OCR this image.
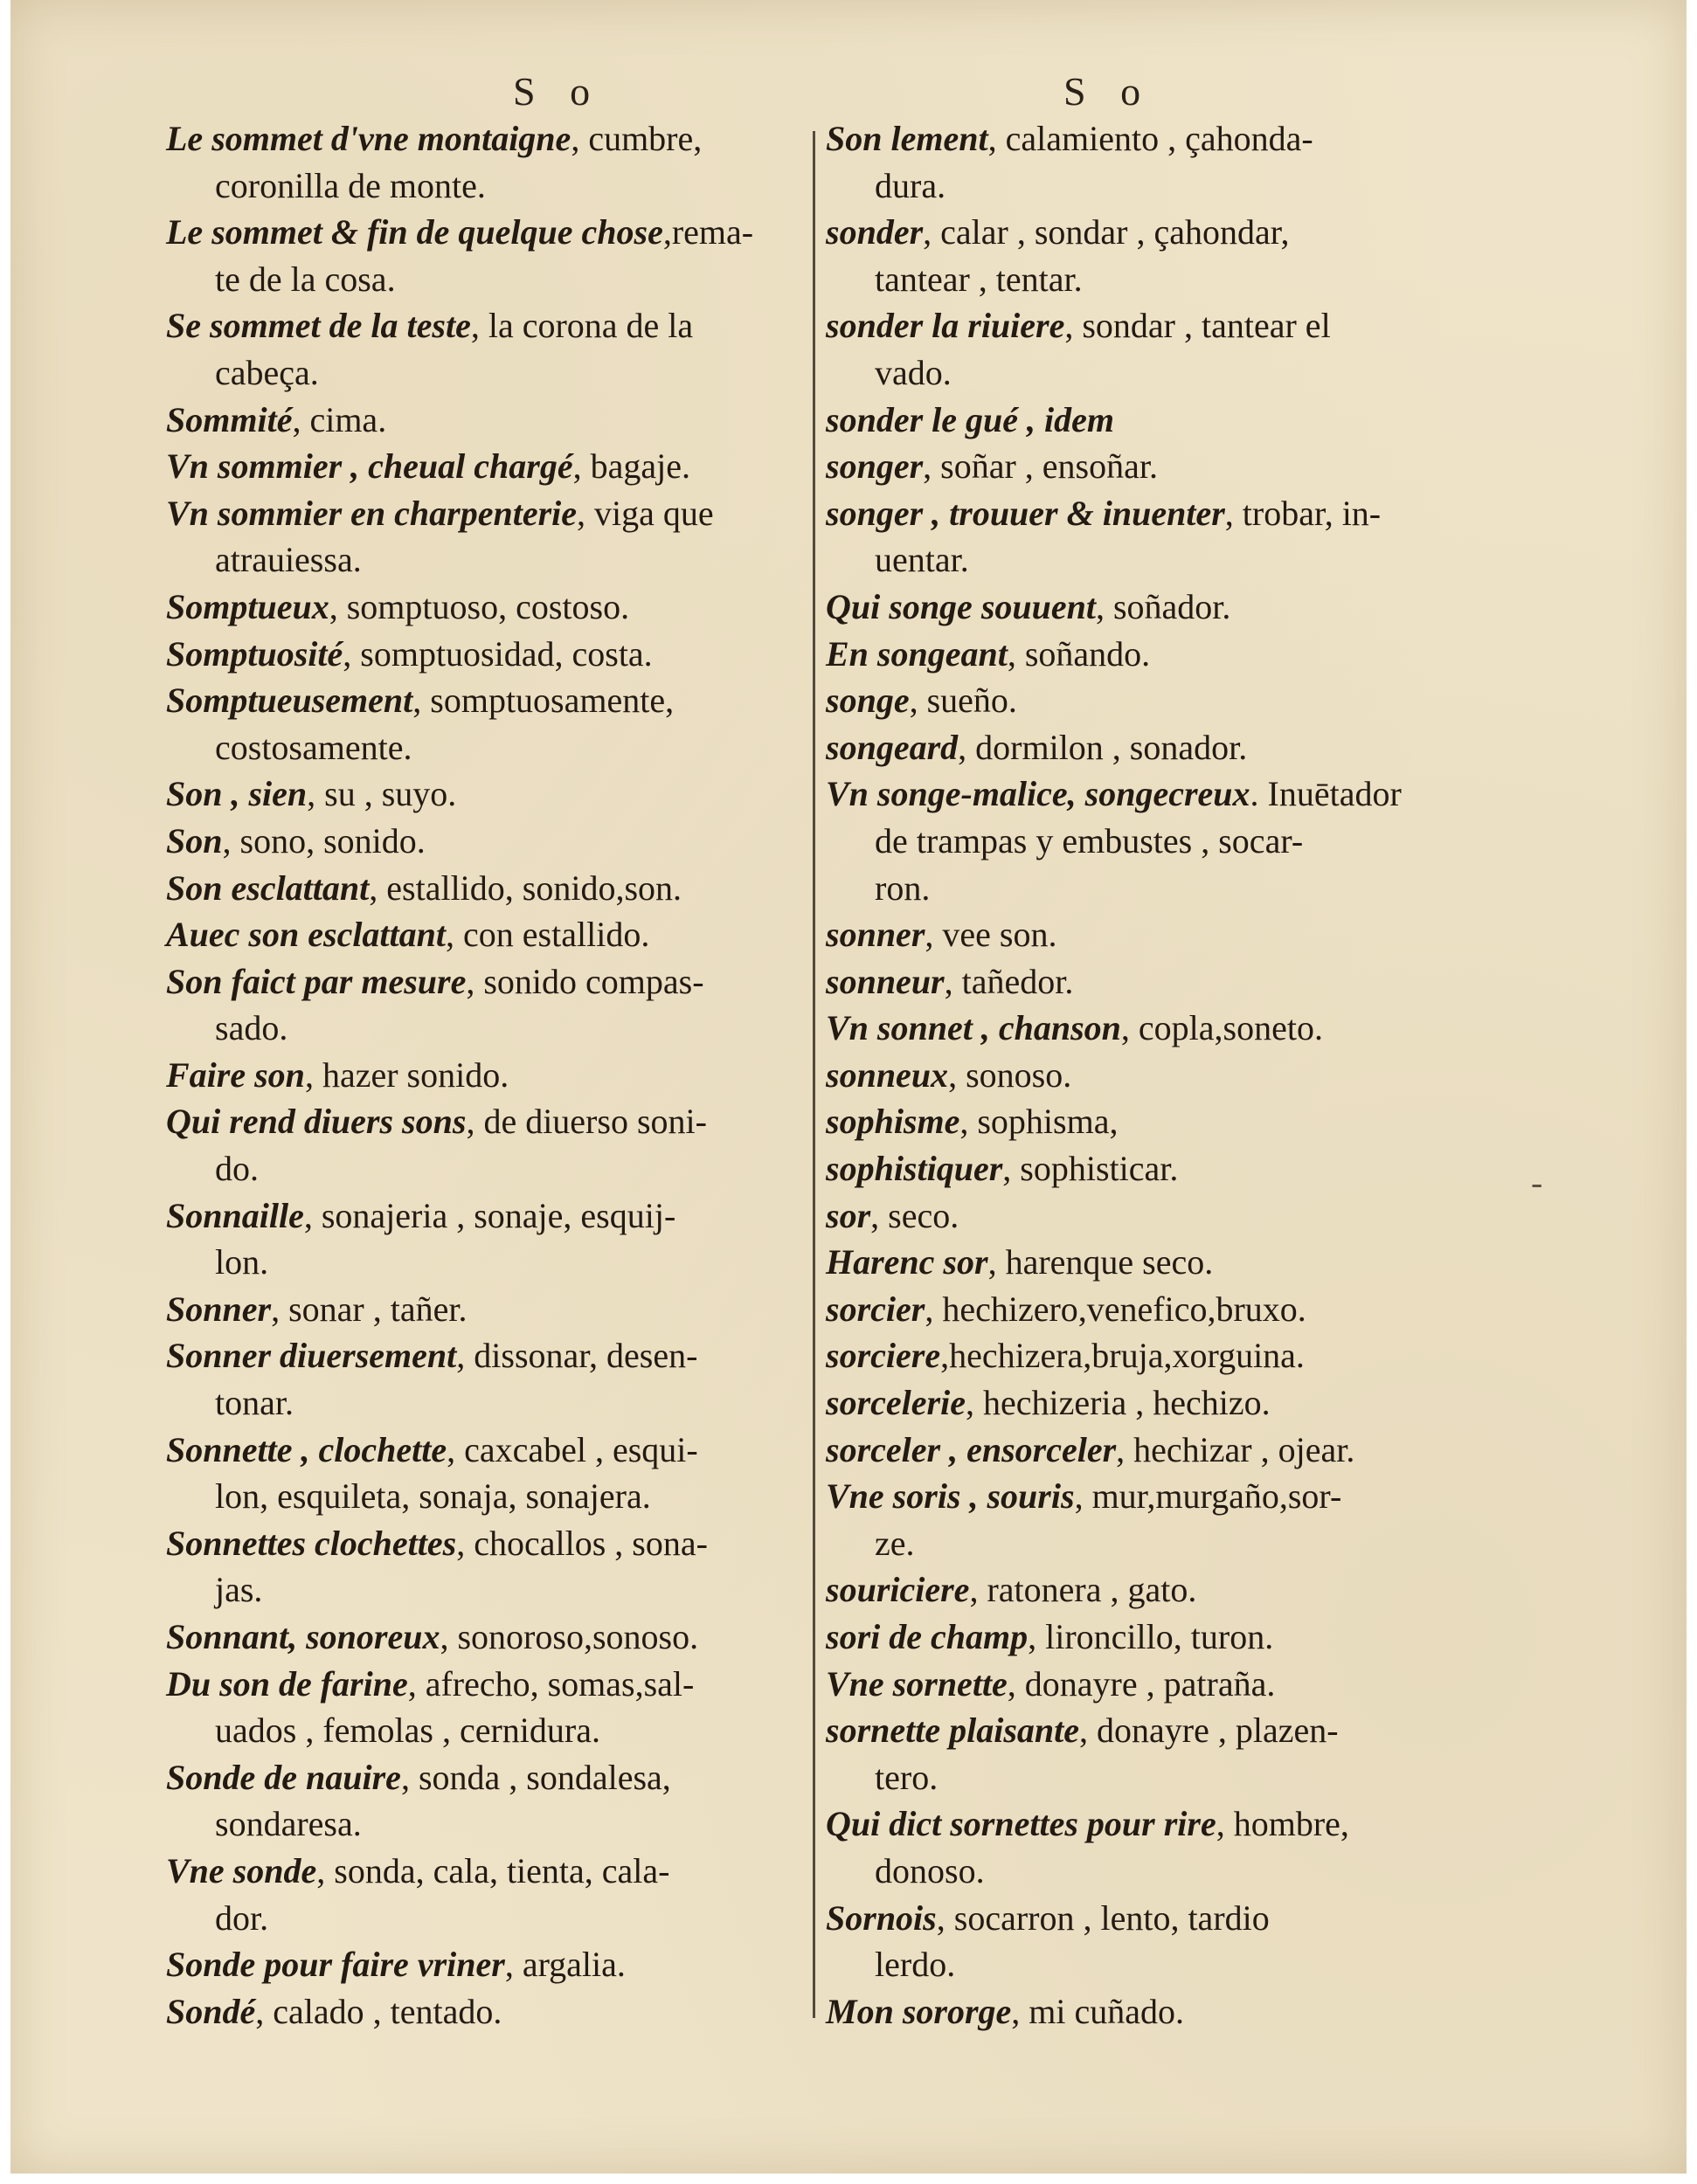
S o	S o
Le sommet d'vne montaigne, cumbre,
coronilla de monte.
Le sommet & fin de quelque chose,rema-
te de la cosa.
Se sommet de la teste, la corona de la
cabeça.
Sommité, cima.
Vn sommier , cheual chargé, bagaje.
Vn sommier en charpenterie, viga que
atrauiessa.
Somptueux, somptuoso, costoso.
Somptuosité, somptuosidad, costa.
Somptueusement, somptuosamente,
costosamente.
Son , sien, su , suyo.
Son, sono, sonido.
Son esclattant, estallido, sonido,son.
Auec son esclattant, con estallido.
Son faict par mesure, sonido compas-
sado.
Faire son, hazer sonido.
Qui rend diuers sons, de diuerso soni-
do.
Sonnaille, sonajeria , sonaje, esquij-
lon.
Sonner, sonar , tañer.
Sonner diuersement, dissonar, desen-
tonar.
Sonnette , clochette, caxcabel , esqui-
lon, esquileta, sonaja, sonajera.
Sonnettes clochettes, chocallos , sona-
jas.
Sonnant, sonoreux, sonoroso,sonoso.
Du son de farine, afrecho, somas,sal-
uados , femolas , cernidura.
Sonde de nauire, sonda , sondalesa,
sondaresa.
Vne sonde, sonda, cala, tienta, cala-
dor.
Sonde pour faire vriner, argalia.
Sondé, calado , tentado.
Son lement, calamiento , çahonda-
dura.
sonder, calar , sondar , çahondar,
tantear , tentar.
sonder la riuiere, sondar , tantear el
vado.
sonder le gué , idem
songer, soñar , ensoñar.
songer , trouuer & inuenter, trobar, in-
uentar.
Qui songe souuent, soñador.
En songeant, soñando.
songe, sueño.
songeard, dormilon , sonador.
Vn songe-malice, songecreux. Inuētador
de trampas y embustes , socar-
ron.
sonner, vee son.
sonneur, tañedor.
Vn sonnet , chanson, copla,soneto.
sonneux, sonoso.
sophisme, sophisma,
sophistiquer, sophisticar.
sor, seco.
Harenc sor, harenque seco.
sorcier, hechizero,venefico,bruxo.
sorciere,hechizera,bruja,xorguina.
sorcelerie, hechizeria , hechizo.
sorceler , ensorceler, hechizar , ojear.
Vne soris , souris, mur,murgaño,sor-
ze.
souriciere, ratonera , gato.
sori de champ, lironcillo, turon.
Vne sornette, donayre , patraña.
sornette plaisante, donayre , plazen-
tero.
Qui dict sornettes pour rire, hombre,
donoso.
Sornois, socarron , lento, tardio
lerdo.
Mon sororge, mi cuñado.
‐
